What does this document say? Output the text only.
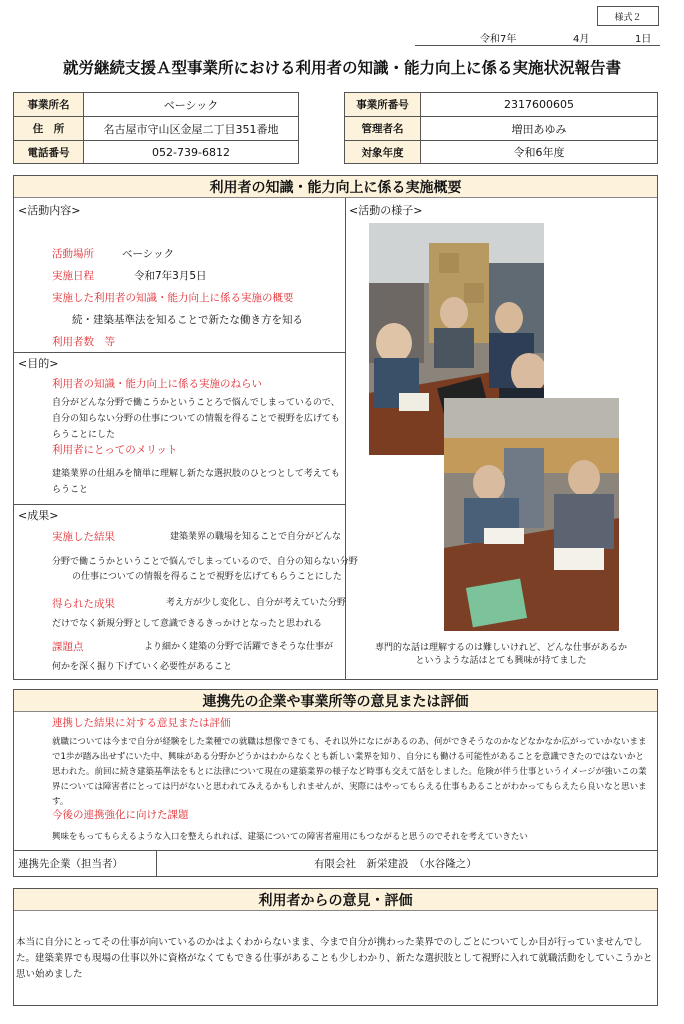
様式２
令和7年	4月	1日
就労継続支援Ａ型事業所における利用者の知識・能力向上に係る実施状況報告書
事業所名	ベーシック
住　所	名古屋市守山区金屋二丁目351番地
電話番号	052-739-6812
事業所番号	2317600605
管理者名	増田あゆみ
対象年度	令和6年度
利用者の知識・能力向上に係る実施概要
<活動内容>
活動場所	ベーシック
実施日程	令和7年3月5日
実施した利用者の知識・能力向上に係る実施の概要
続・建築基準法を知ることで新たな働き方を知る
利用者数　等
<目的>
利用者の知識・能力向上に係る実施のねらい
自分がどんな分野で働こうかということろで悩んでしまっているので、自分の知らない分野の仕事についての情報を得ることで視野を広げてもらうことにした
利用者にとってのメリット
建築業界の仕組みを簡単に理解し新たな選択肢のひとつとして考えてもらうこと
<成果>
実施した結果	建築業界の職場を知ることで自分がどんな
分野で働こうかということで悩んでしまっているので、自分の知らない分野
の仕事についての情報を得ることで視野を広げてもらうことにした
得られた成果	考え方が少し変化し、自分が考えていた分野
だけでなく新規分野として意識できるきっかけとなったと思われる
課題点	より細かく建築の分野で活躍できそうな仕事が
何かを深く掘り下げていく必要性があること
<活動の様子>
専門的な話は理解するのは難しいけれど、どんな仕事があるか
というような話はとても興味が持てました
連携先の企業や事業所等の意見または評価
連携した結果に対する意見または評価
就職については今まで自分が経験をした業種での就職は想像できても、それ以外になにがあるのあ、何ができそうなのかなどなかなか広がっていかないままで1歩が踏み出せずにいた中、興味がある分野かどうかはわからなくとも新しい業界を知り、自分にも働ける可能性があることを意識できたのではないかと思われた。前回に続き建築基準法をもとに法律について現在の建築業界の様子など時事も交えて話をしました。危険が伴う仕事というイメージが強いこの業界については障害者にとっては円がないと思われてみえるかもしれませんが、実際にはやってもらえる仕事もあることがわかってもらえたら良いなと思います。
今後の連携強化に向けた課題
興味をもってもらえるような入口を整えられれば、建築についての障害者雇用にもつながると思うのでそれを考えていきたい
連携先企業（担当者）	有限会社　新栄建設　（水谷隆之）
利用者からの意見・評価
本当に自分にとってその仕事が向いているのかはよくわからないまま、今まで自分が携わった業界でのしごとについてしか目が行っていませんでした。建築業界でも現場の仕事以外に資格がなくてもできる仕事があることも少しわかり、新たな選択肢として視野に入れて就職活動をしていこうかと思い始めました
